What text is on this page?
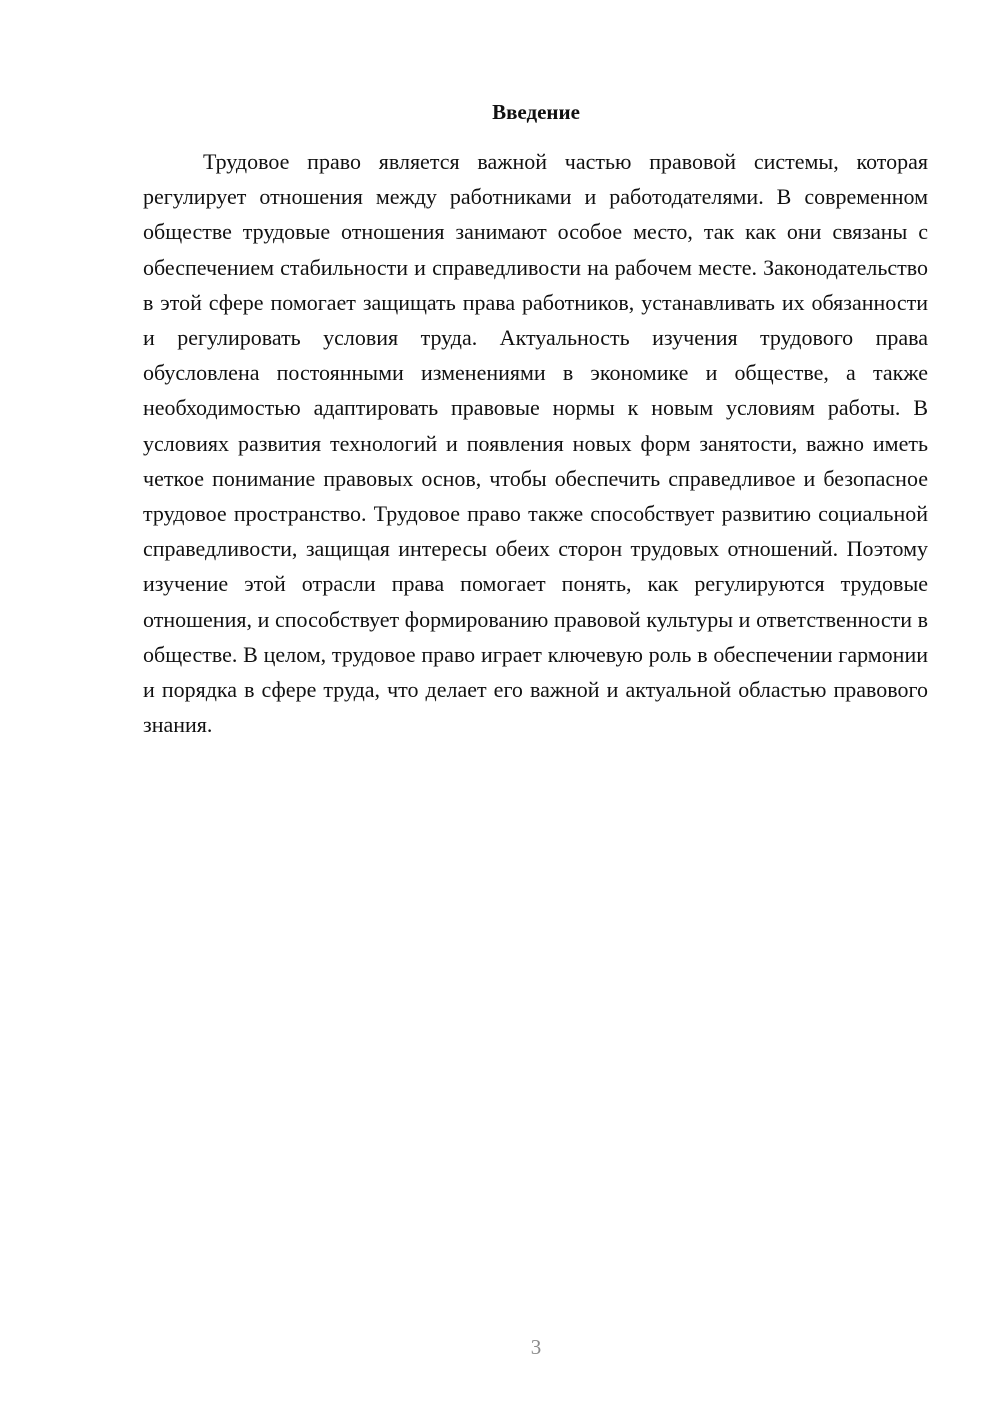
Введение

Трудовое право является важной частью правовой системы, которая регулирует отношения между работниками и работодателями. В современном обществе трудовые отношения занимают особое место, так как они связаны с обеспечением стабильности и справедливости на рабочем месте. Законодательство в этой сфере помогает защищать права работников, устанавливать их обязанности и регулировать условия труда. Актуальность изучения трудового права обусловлена постоянными изменениями в экономике и обществе, а также необходимостью адаптировать правовые нормы к новым условиям работы. В условиях развития технологий и появления новых форм занятости, важно иметь четкое понимание правовых основ, чтобы обеспечить справедливое и безопасное трудовое пространство. Трудовое право также способствует развитию социальной справедливости, защищая интересы обеих сторон трудовых отношений. Поэтому изучение этой отрасли права помогает понять, как регулируются трудовые отношения, и способствует формированию правовой культуры и ответственности в обществе. В целом, трудовое право играет ключевую роль в обеспечении гармонии и порядка в сфере труда, что делает его важной и актуальной областью правового знания.

3
